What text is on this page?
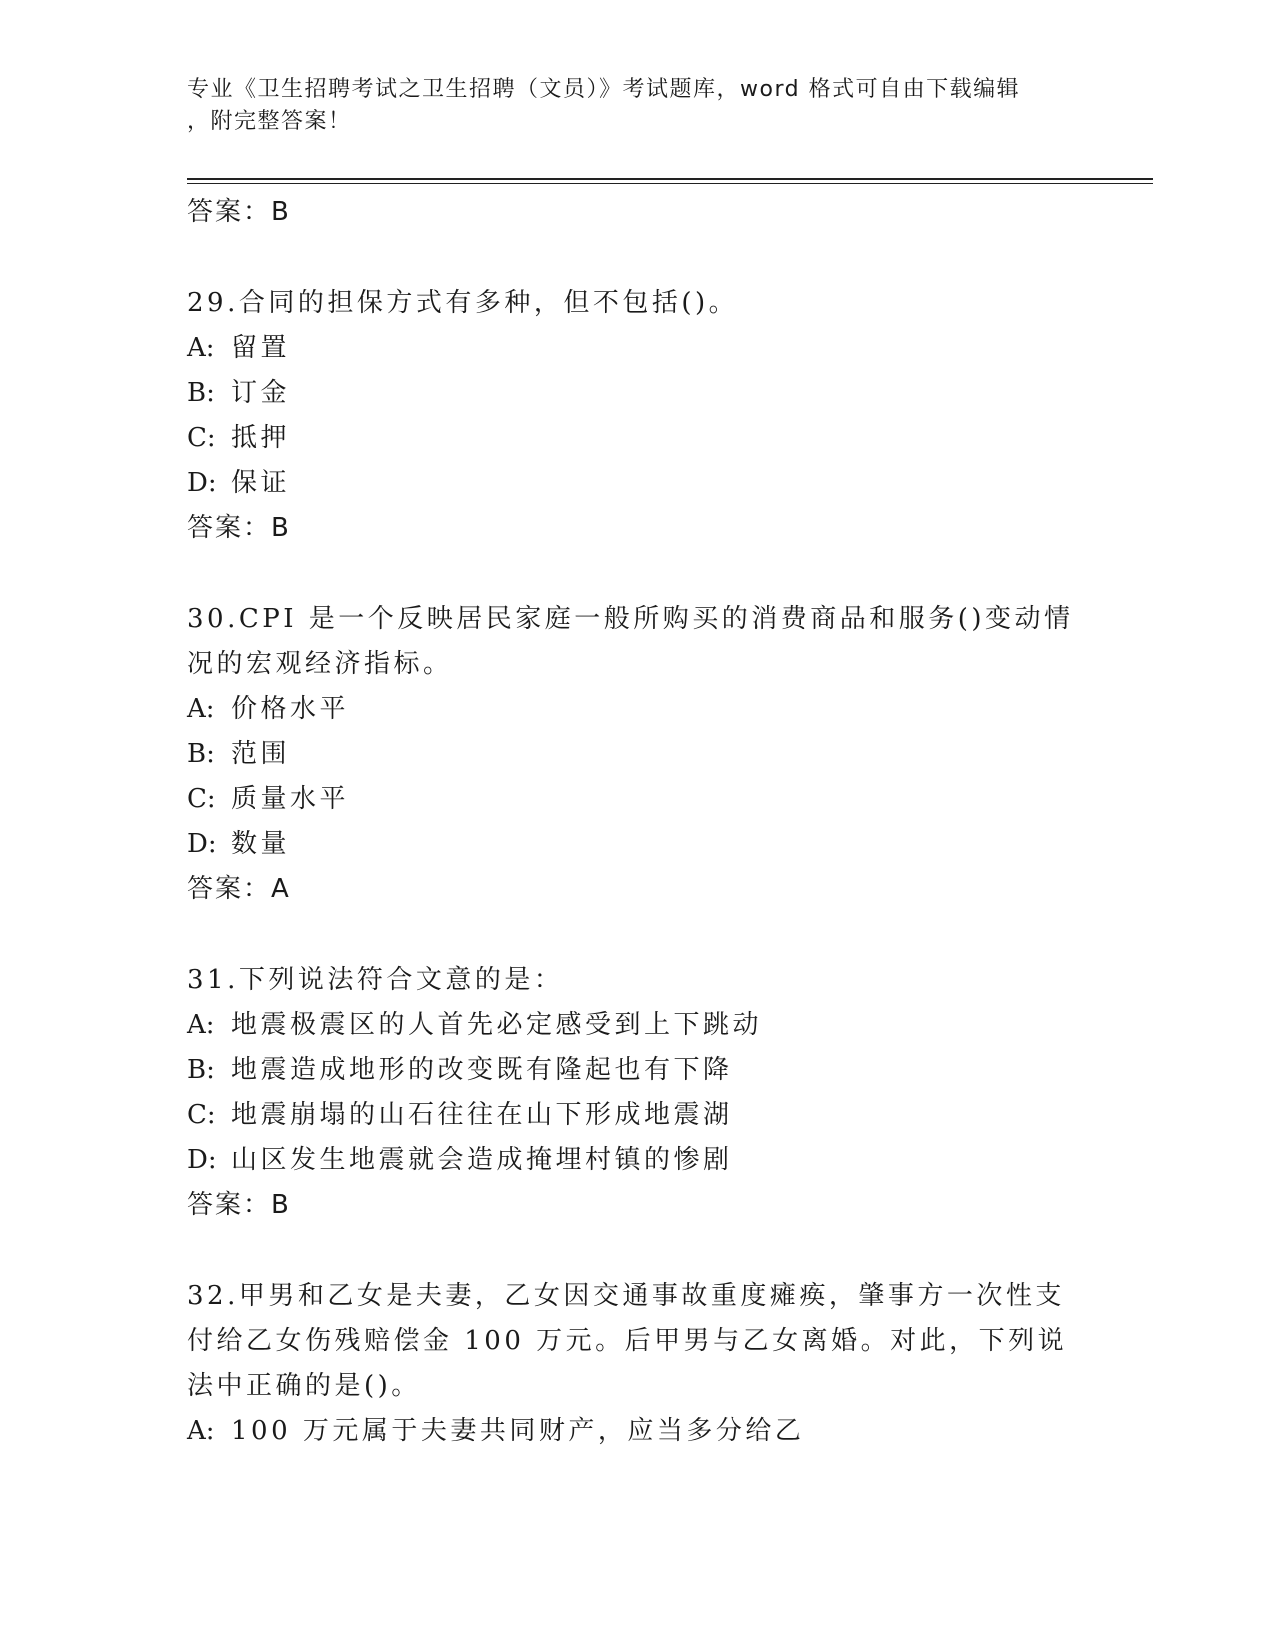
专业《卫生招聘考试之卫生招聘（文员）》考试题库，word 格式可自由下载编辑
，附完整答案！

答案：B

29.合同的担保方式有多种，但不包括()。

A: 留置

B: 订金

C: 抵押

D: 保证

答案：B

30.CPI 是一个反映居民家庭一般所购买的消费商品和服务()变动情况的宏观经济指标。

A: 价格水平

B: 范围

C: 质量水平

D: 数量

答案：A

31.下列说法符合文意的是：

A: 地震极震区的人首先必定感受到上下跳动

B: 地震造成地形的改变既有隆起也有下降

C: 地震崩塌的山石往往在山下形成地震湖

D: 山区发生地震就会造成掩埋村镇的惨剧

答案：B

32.甲男和乙女是夫妻，乙女因交通事故重度瘫痪，肇事方一次性支付给乙女伤残赔偿金 100 万元。后甲男与乙女离婚。对此，下列说法中正确的是()。

A: 100 万元属于夫妻共同财产，应当多分给乙
